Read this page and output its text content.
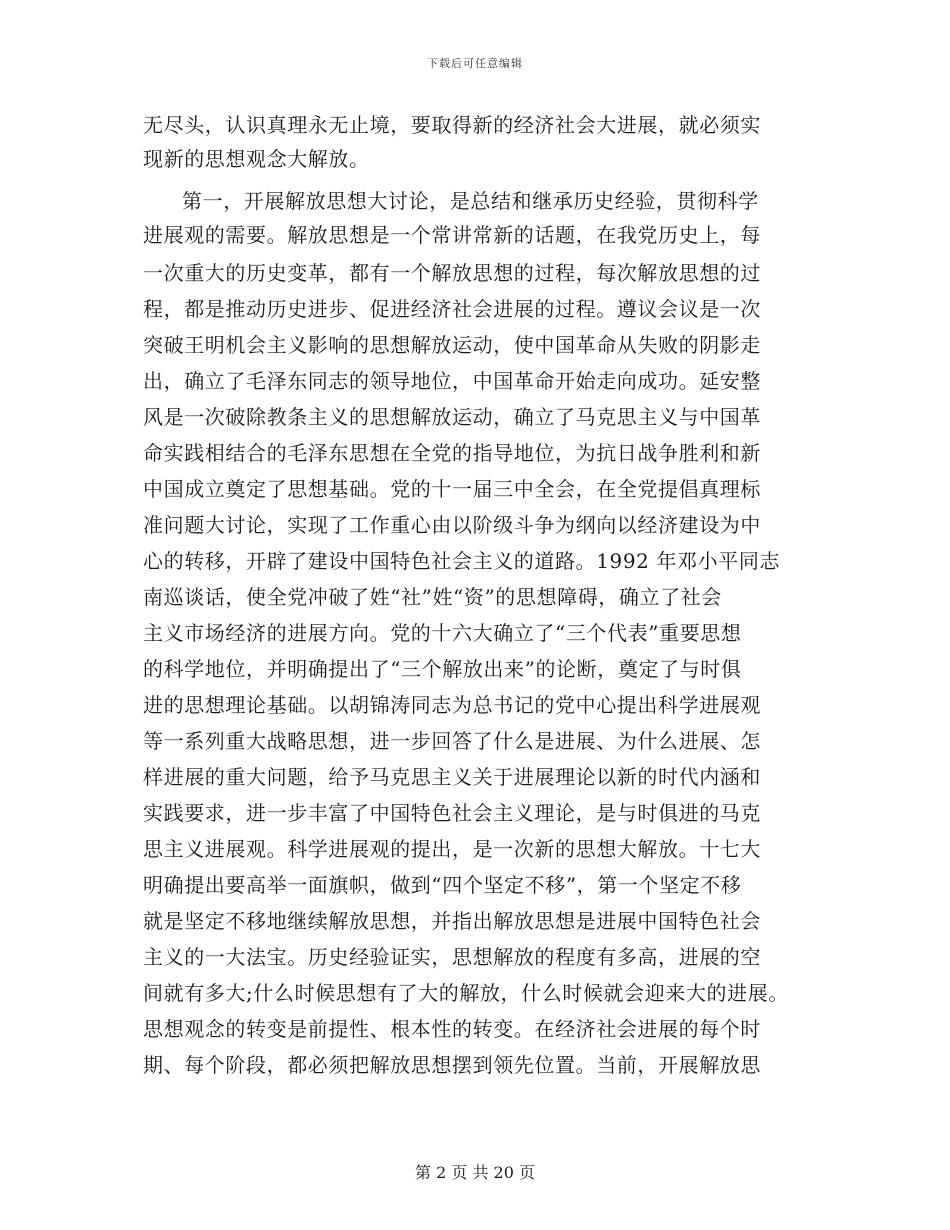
下载后可任意编辑
无尽头，认识真理永无止境，要取得新的经济社会大进展，就必须实
现新的思想观念大解放。
第一，开展解放思想大讨论，是总结和继承历史经验，贯彻科学
进展观的需要。解放思想是一个常讲常新的话题，在我党历史上，每
一次重大的历史变革，都有一个解放思想的过程，每次解放思想的过
程，都是推动历史进步、促进经济社会进展的过程。遵议会议是一次
突破王明机会主义影响的思想解放运动，使中国革命从失败的阴影走
出，确立了毛泽东同志的领导地位，中国革命开始走向成功。延安整
风是一次破除教条主义的思想解放运动，确立了马克思主义与中国革
命实践相结合的毛泽东思想在全党的指导地位，为抗日战争胜利和新
中国成立奠定了思想基础。党的十一届三中全会，在全党提倡真理标
准问题大讨论，实现了工作重心由以阶级斗争为纲向以经济建设为中
心的转移，开辟了建设中国特色社会主义的道路。1992 年邓小平同志
南巡谈话，使全党冲破了姓“社”姓“资”的思想障碍，确立了社会
主义市场经济的进展方向。党的十六大确立了“三个代表”重要思想
的科学地位，并明确提出了“三个解放出来”的论断，奠定了与时俱
进的思想理论基础。以胡锦涛同志为总书记的党中心提出科学进展观
等一系列重大战略思想，进一步回答了什么是进展、为什么进展、怎
样进展的重大问题，给予马克思主义关于进展理论以新的时代内涵和
实践要求，进一步丰富了中国特色社会主义理论，是与时俱进的马克
思主义进展观。科学进展观的提出，是一次新的思想大解放。十七大
明确提出要高举一面旗帜，做到“四个坚定不移”，第一个坚定不移
就是坚定不移地继续解放思想，并指出解放思想是进展中国特色社会
主义的一大法宝。历史经验证实，思想解放的程度有多高，进展的空
间就有多大;什么时候思想有了大的解放，什么时候就会迎来大的进展。
思想观念的转变是前提性、根本性的转变。在经济社会进展的每个时
期、每个阶段，都必须把解放思想摆到领先位置。当前，开展解放思
第 2 页 共 20 页
